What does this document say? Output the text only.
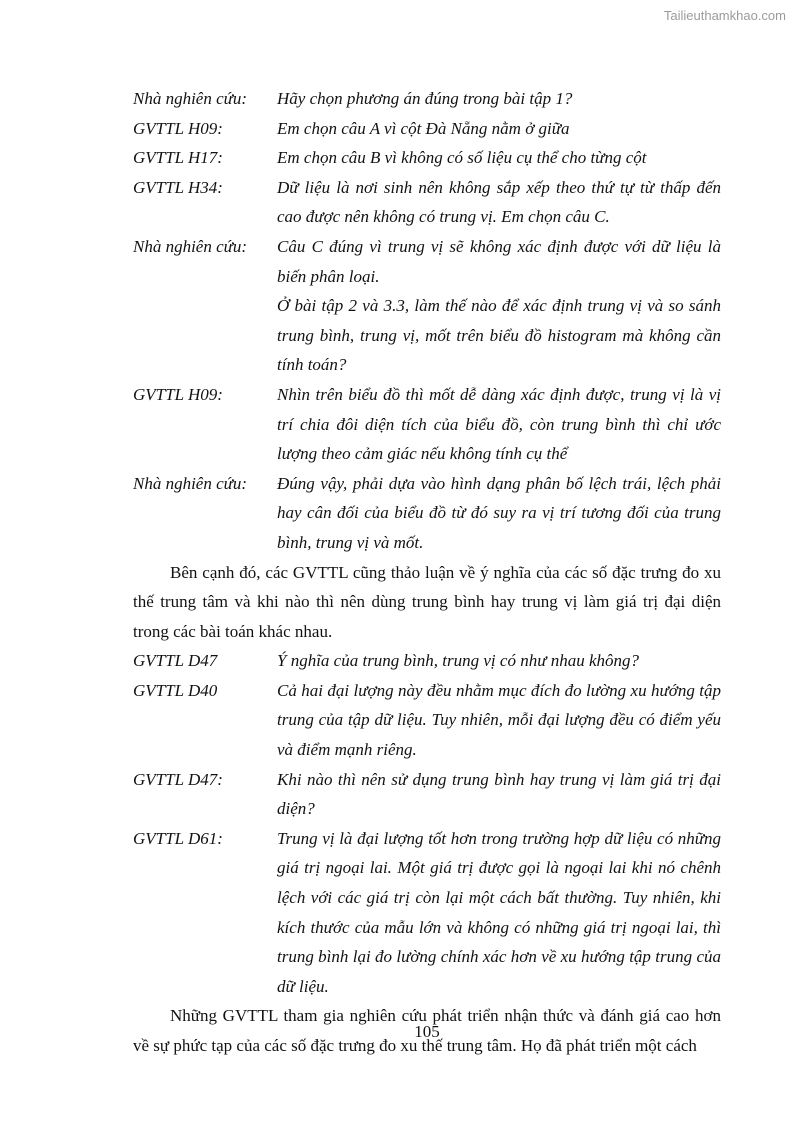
Tailieuthamkhao.com
Nhà nghiên cứu:	Hãy chọn phương án đúng trong bài tập 1?
GVTTL H09:	Em chọn câu A vì cột Đà Nẵng nằm ở giữa
GVTTL H17:	Em chọn câu B vì không có số liệu cụ thể cho từng cột
GVTTL H34:	Dữ liệu là nơi sinh nên không sắp xếp theo thứ tự từ thấp đến cao được nên không có trung vị. Em chọn câu C.
Nhà nghiên cứu:	Câu C đúng vì trung vị sẽ không xác định được với dữ liệu là biến phân loại.
Ở bài tập 2 và 3.3, làm thế nào để xác định trung vị và so sánh trung bình, trung vị, mốt trên biểu đồ histogram mà không cần tính toán?
GVTTL H09:	Nhìn trên biểu đồ thì mốt dễ dàng xác định được, trung vị là vị trí chia đôi diện tích của biểu đồ, còn trung bình thì chỉ ước lượng theo cảm giác nếu không tính cụ thể
Nhà nghiên cứu:	Đúng vậy, phải dựa vào hình dạng phân bố lệch trái, lệch phải hay cân đối của biểu đồ từ đó suy ra vị trí tương đối của trung bình, trung vị và mốt.
Bên cạnh đó, các GVTTL cũng thảo luận về ý nghĩa của các số đặc trưng đo xu thế trung tâm và khi nào thì nên dùng trung bình hay trung vị làm giá trị đại diện trong các bài toán khác nhau.
GVTTL D47	Ý nghĩa của trung bình, trung vị có như nhau không?
GVTTL D40	Cả hai đại lượng này đều nhằm mục đích đo lường xu hướng tập trung của tập dữ liệu. Tuy nhiên, mỗi đại lượng đều có điểm yếu và điểm mạnh riêng.
GVTTL D47:	Khi nào thì nên sử dụng trung bình hay trung vị làm giá trị đại diện?
GVTTL D61:	Trung vị là đại lượng tốt hơn trong trường hợp dữ liệu có những giá trị ngoại lai. Một giá trị được gọi là ngoại lai khi nó chênh lệch với các giá trị còn lại một cách bất thường. Tuy nhiên, khi kích thước của mẫu lớn và không có những giá trị ngoại lai, thì trung bình lại đo lường chính xác hơn về xu hướng tập trung của dữ liệu.
Những GVTTL tham gia nghiên cứu phát triển nhận thức và đánh giá cao hơn về sự phức tạp của các số đặc trưng đo xu thế trung tâm. Họ đã phát triển một cách
105
